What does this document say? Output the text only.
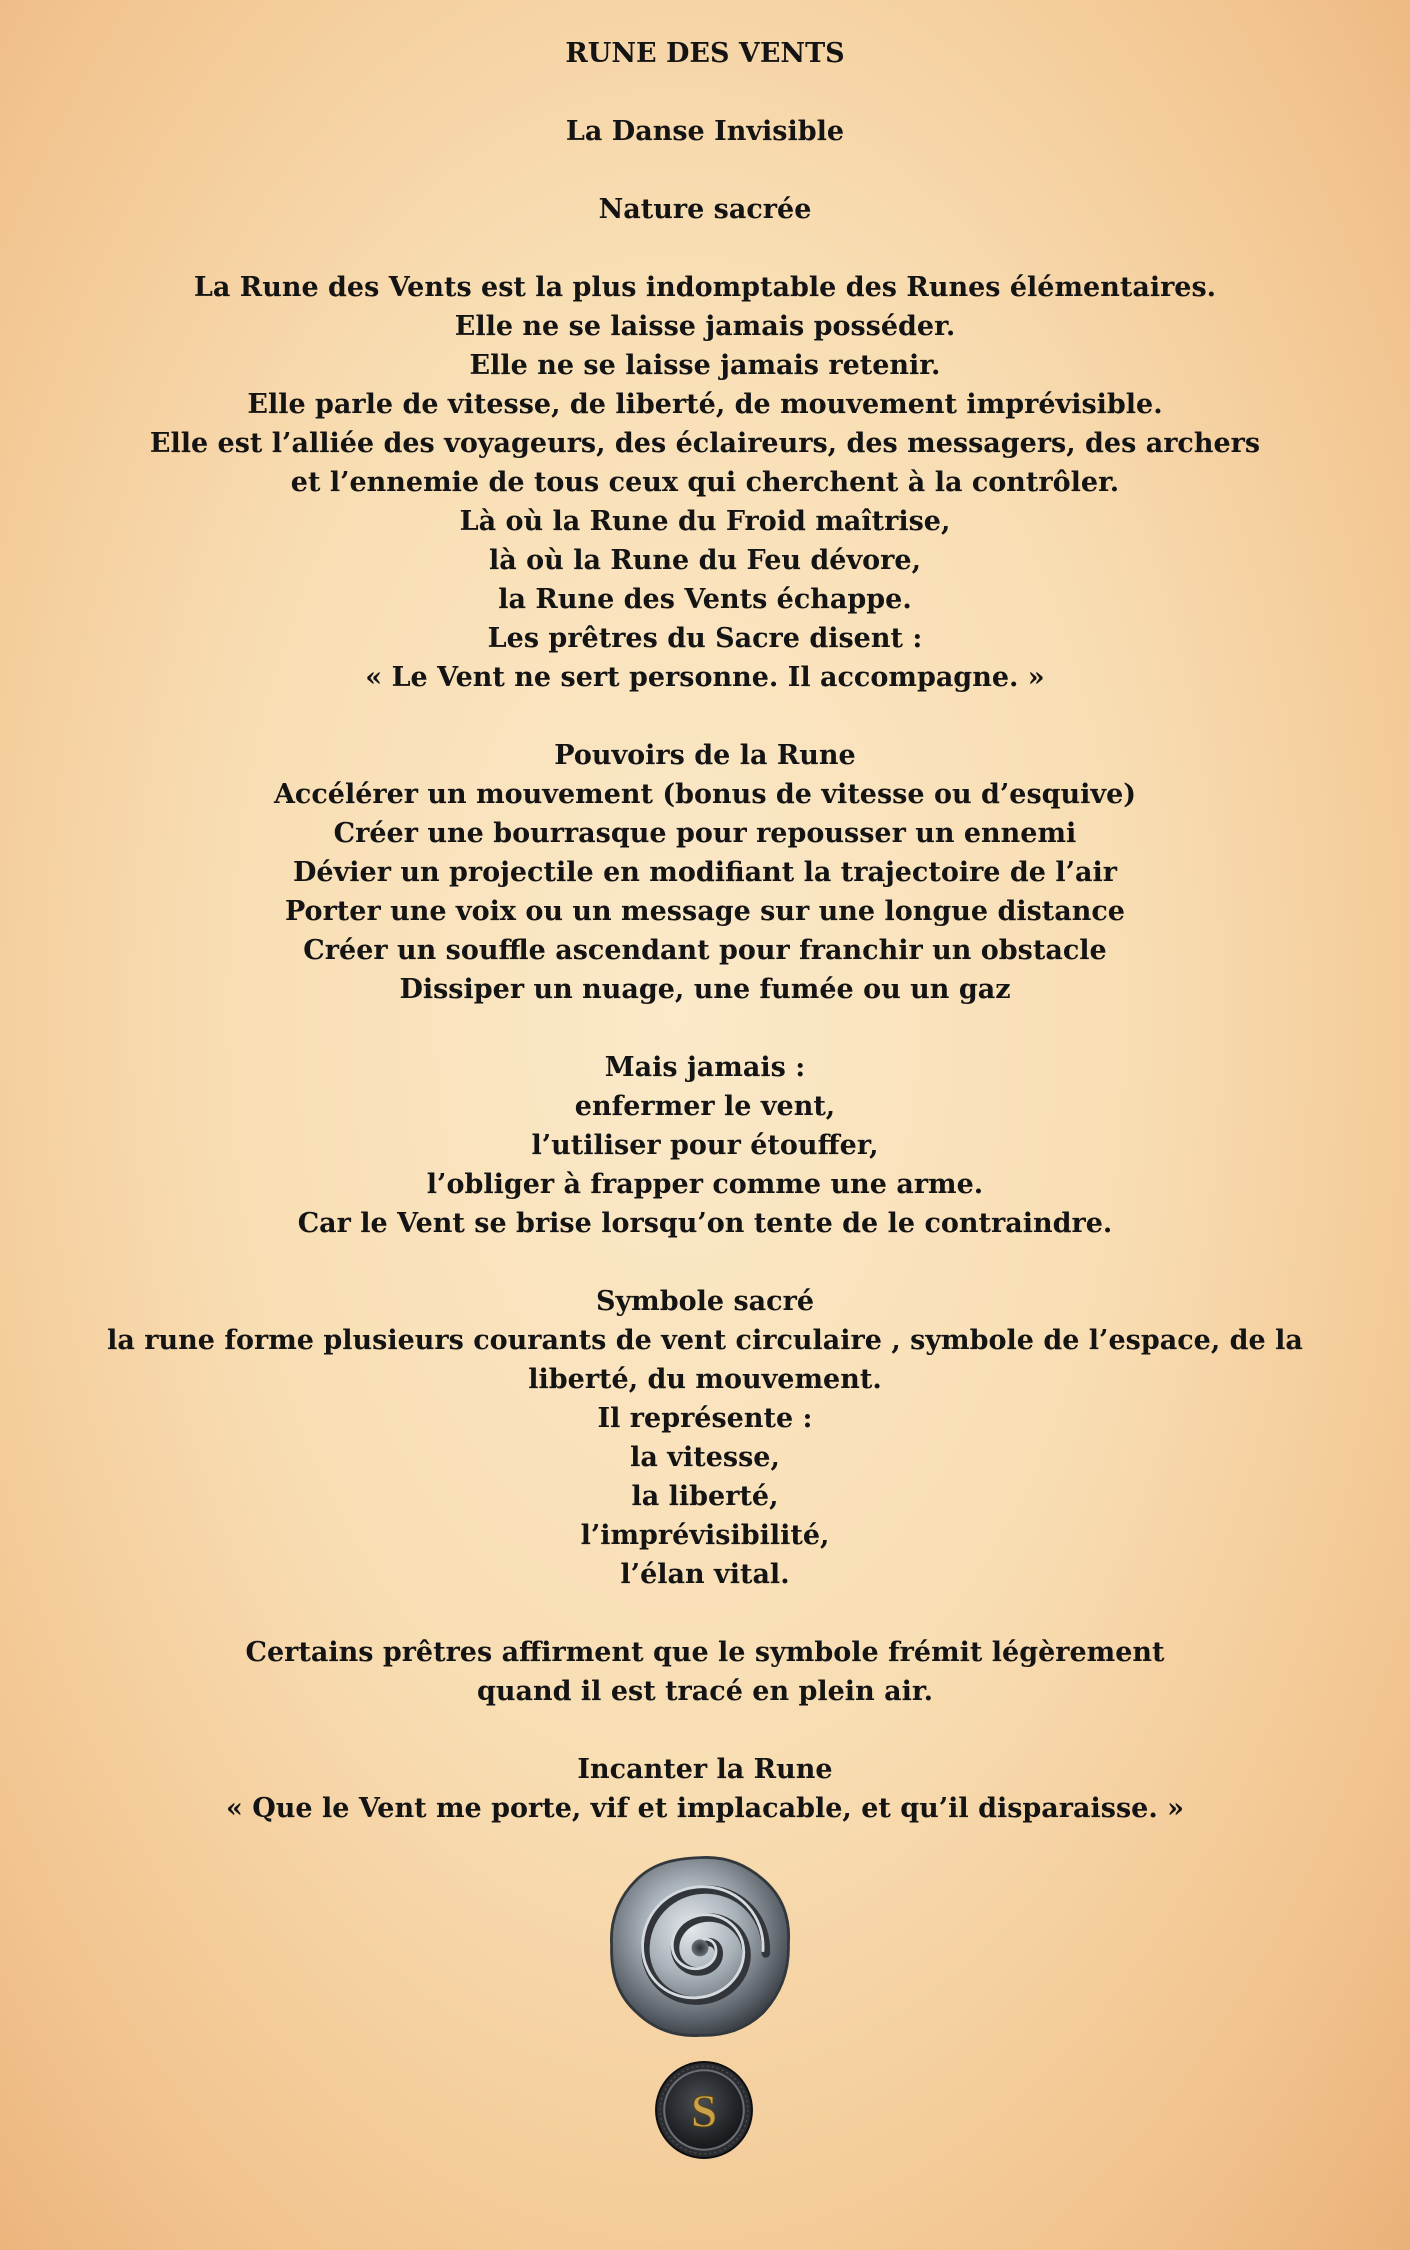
RUNE DES VENTS

La Danse Invisible

Nature sacrée

La Rune des Vents est la plus indomptable des Runes élémentaires.

Elle ne se laisse jamais posséder.

Elle ne se laisse jamais retenir.

Elle parle de vitesse, de liberté, de mouvement imprévisible.

Elle est l’alliée des voyageurs, des éclaireurs, des messagers, des archers

et l’ennemie de tous ceux qui cherchent à la contrôler.

Là où la Rune du Froid maîtrise,

là où la Rune du Feu dévore,

la Rune des Vents échappe.

Les prêtres du Sacre disent :

« Le Vent ne sert personne. Il accompagne. »

Pouvoirs de la Rune

Accélérer un mouvement (bonus de vitesse ou d’esquive)

Créer une bourrasque pour repousser un ennemi

Dévier un projectile en modifiant la trajectoire de l’air

Porter une voix ou un message sur une longue distance

Créer un souffle ascendant pour franchir un obstacle

Dissiper un nuage, une fumée ou un gaz

Mais jamais :

enfermer le vent,

l’utiliser pour étouffer,

l’obliger à frapper comme une arme.

Car le Vent se brise lorsqu’on tente de le contraindre.

Symbole sacré

la rune forme plusieurs courants de vent circulaire , symbole de l’espace, de la liberté, du mouvement.

Il représente :

la vitesse,

la liberté,

l’imprévisibilité,

l’élan vital.

Certains prêtres affirment que le symbole frémit légèrement

quand il est tracé en plein air.

Incanter la Rune

« Que le Vent me porte, vif et implacable, et qu’il disparaisse. »

S
